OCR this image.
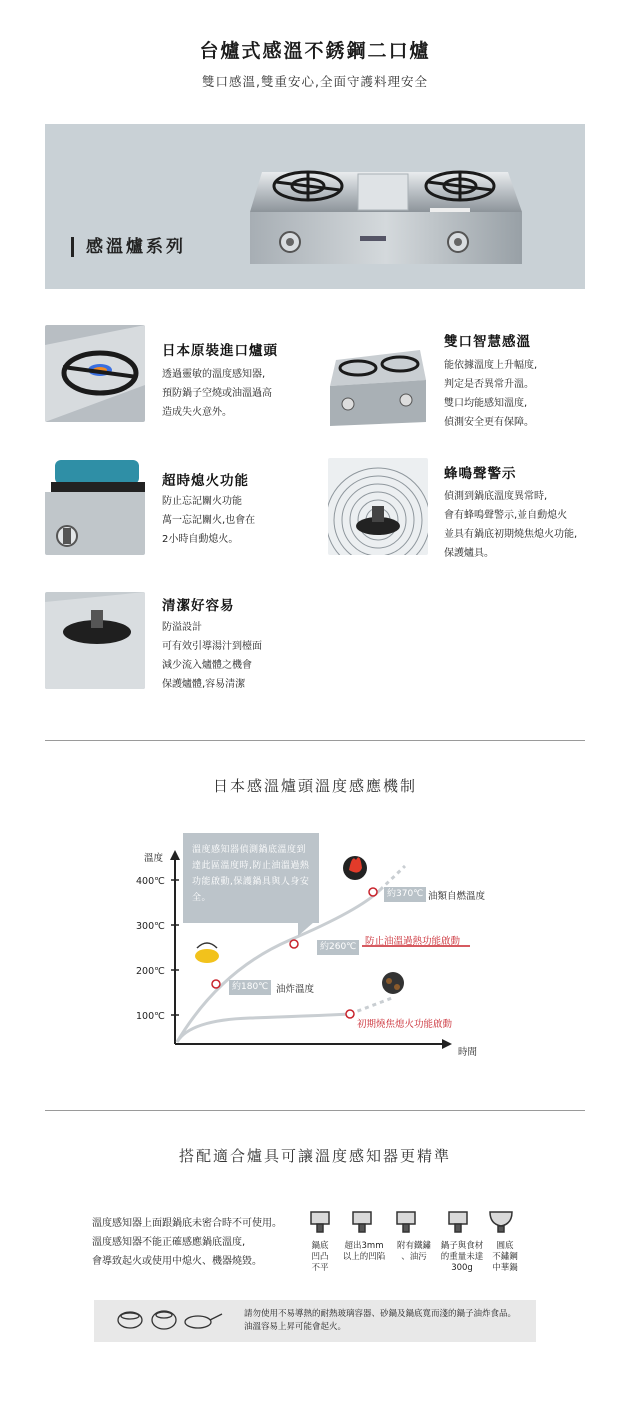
台爐式感溫不銹鋼二口爐
雙口感溫,雙重安心,全面守護料理安全
感溫爐系列
日本原裝進口爐頭
透過靈敏的溫度感知器,
預防鍋子空燒或油溫過高
造成失火意外。
雙口智慧感溫
能依據溫度上升幅度,
判定是否異常升溫。
雙口均能感知溫度,
偵測安全更有保障。
超時熄火功能
防止忘記關火功能
萬一忘記關火,也會在
2小時自動熄火。
蜂鳴聲警示
偵測到鍋底溫度異常時,
會有蜂鳴聲警示,並自動熄火
並具有鍋底初期燒焦熄火功能,
保護爐具。
清潔好容易
防溢設計
可有效引導湯汁到檯面
減少流入爐體之機會
保護爐體,容易清潔
日本感溫爐頭溫度感應機制
溫度
400℃
300℃
200℃
100℃
時間
溫度感知器偵測鍋底溫度到達此區溫度時,防止油溫過熱功能啟動,保護鍋具與人身安全。	約370℃ 油類自燃溫度
約260℃ 防止油溫過熱功能啟動
約180℃ 油炸溫度
初期燒焦熄火功能啟動
搭配適合爐具可讓溫度感知器更精準
溫度感知器上面跟鍋底未密合時不可使用。
溫度感知器不能正確感應鍋底溫度,
會導致起火或使用中熄火、機器燒毀。
鍋底
凹凸
不平
超出3mm
以上的凹陷
附有鐵鏽
、油污
鍋子與食材
的重量未達
300g
圓底
不鏽鋼
中華鍋
請勿使用不易導熱的耐熱玻璃容器、砂鍋及鍋底寬而淺的鍋子油炸食品。
油溫容易上昇可能會起火。
